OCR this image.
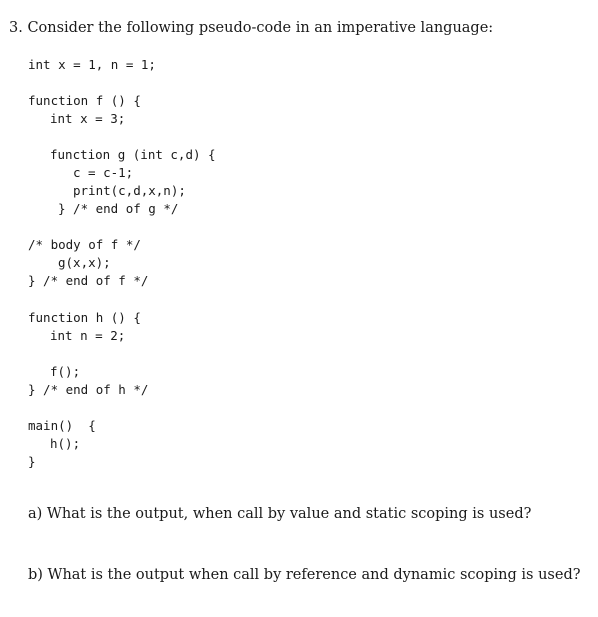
3. Consider the following pseudo-code in an imperative language:
int x = 1, n = 1;
function f () {
int x = 3;
function g (int c,d) {
c = c-1;
print(c,d,x,n);
} /* end of g */
/* body of f */
g(x,x);
} /* end of f */
function h () {
int n = 2;
f();
} /* end of h */
main()  {
h();
}
a) What is the output, when call by value and static scoping is used?
b) What is the output when call by reference and dynamic scoping is used?
